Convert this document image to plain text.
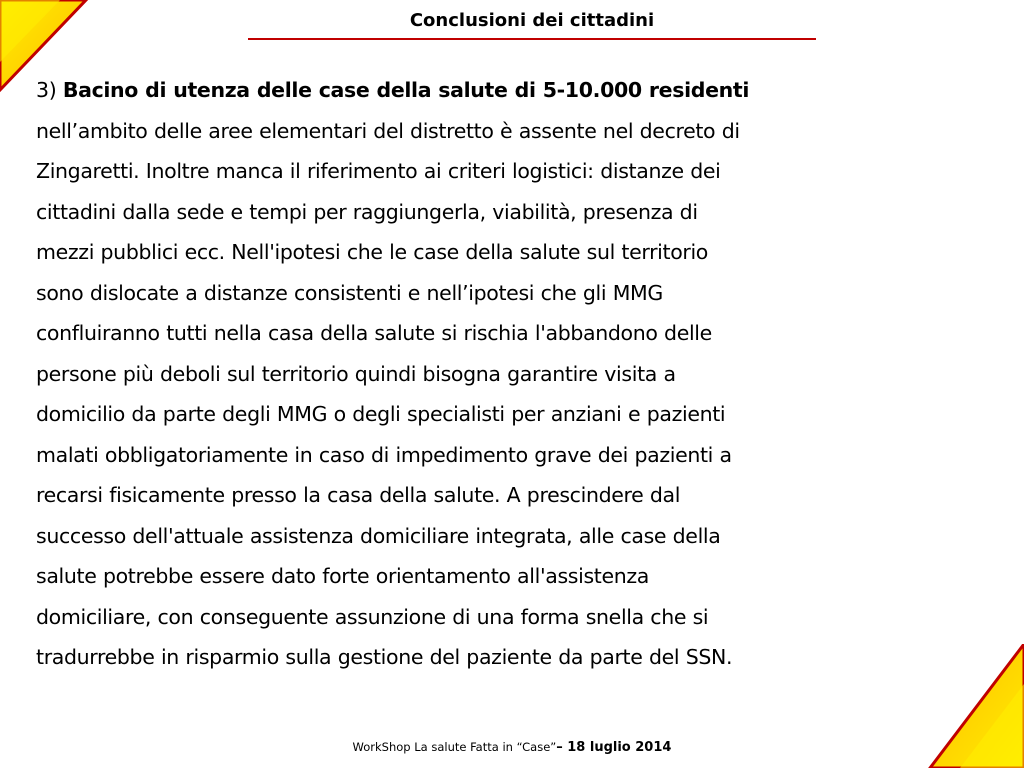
Conclusioni dei cittadini
3) Bacino di utenza delle case della salute di 5-10.000 residenti
nell’ambito delle aree elementari del distretto è assente nel decreto di
Zingaretti. Inoltre manca il riferimento ai criteri logistici: distanze dei
cittadini dalla sede e tempi per raggiungerla, viabilità, presenza di
mezzi pubblici ecc. Nell'ipotesi che le case della salute sul territorio
sono dislocate a distanze consistenti e nell’ipotesi che gli MMG
confluiranno tutti nella casa della salute si rischia l'abbandono delle
persone più deboli sul territorio quindi bisogna garantire visita a
domicilio da parte degli MMG o degli specialisti per anziani e pazienti
malati obbligatoriamente in caso di impedimento grave dei pazienti a
recarsi fisicamente presso la casa della salute. A prescindere dal
successo dell'attuale assistenza domiciliare integrata, alle case della
salute potrebbe essere dato forte orientamento all'assistenza
domiciliare, con conseguente assunzione di una forma snella che si
tradurrebbe in risparmio sulla gestione del paziente da parte del SSN.
WorkShop La salute Fatta in “Case”– 18 luglio 2014
